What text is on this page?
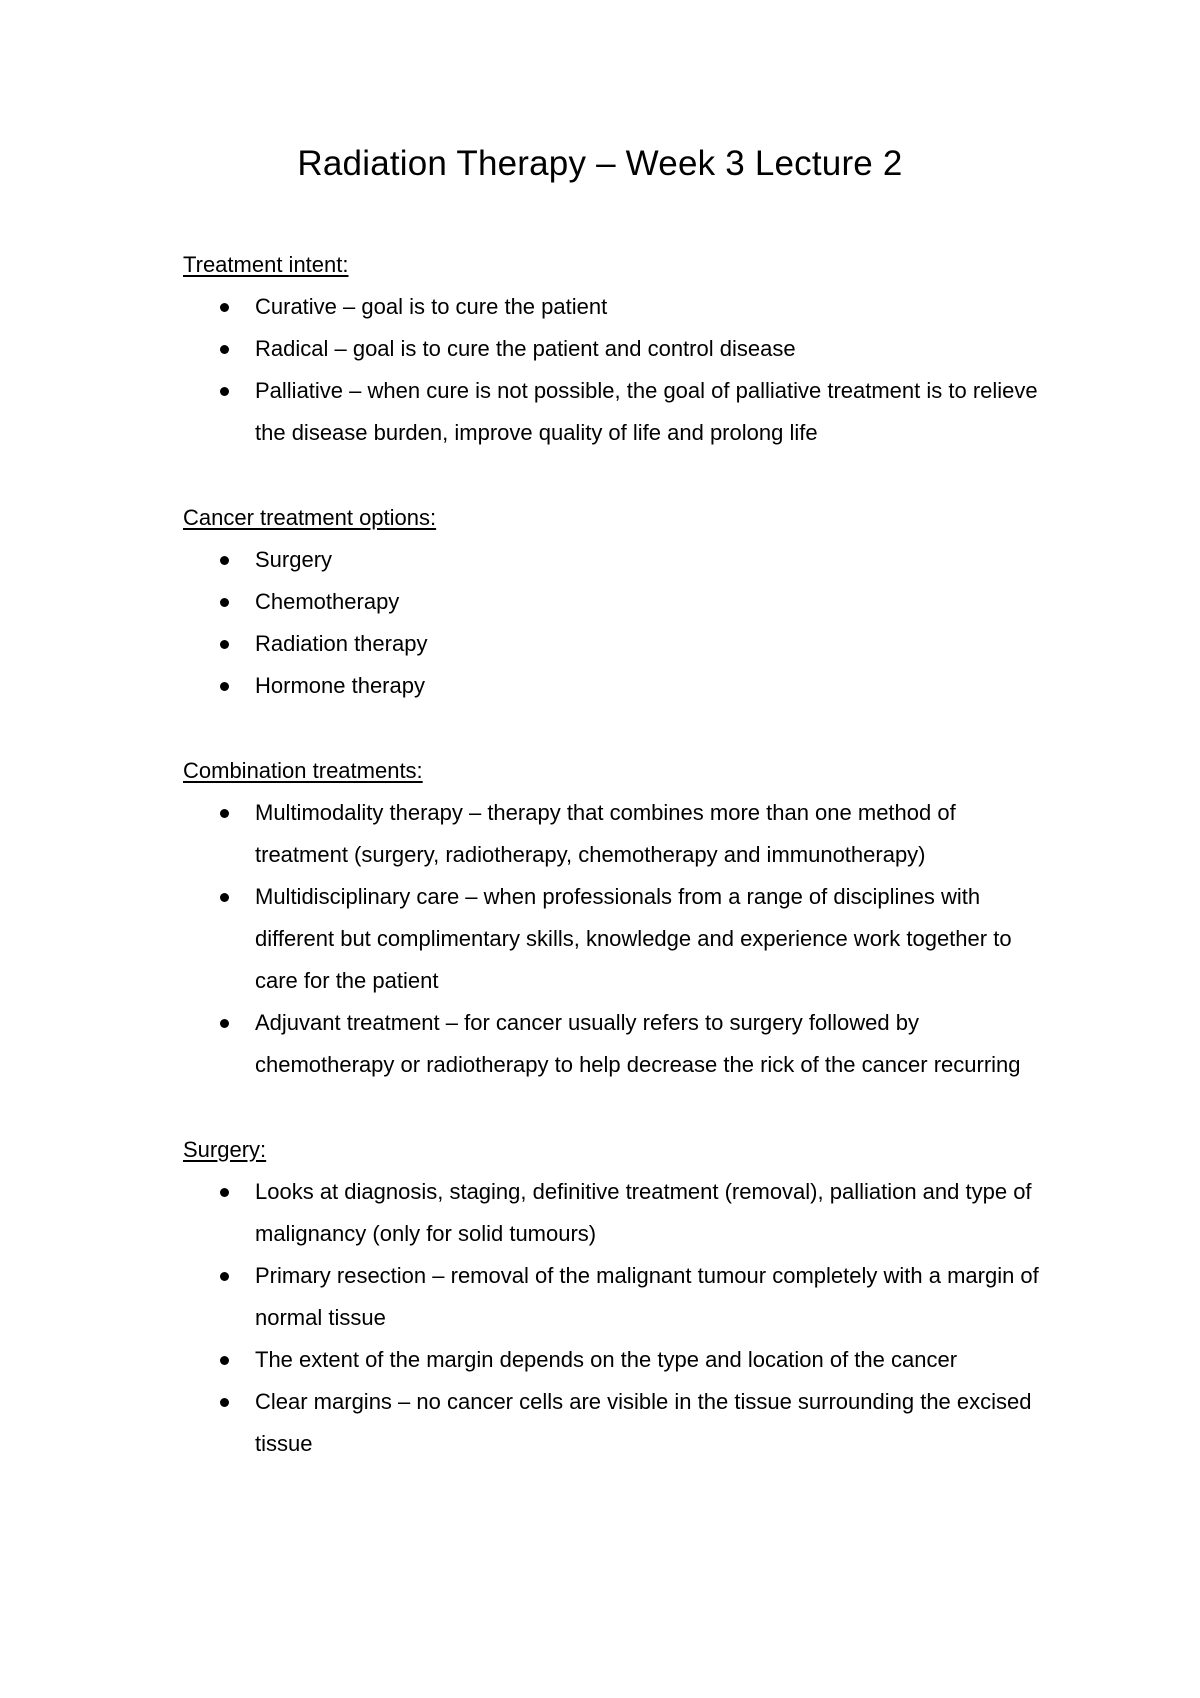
Radiation Therapy – Week 3 Lecture 2

Treatment intent:

Curative – goal is to cure the patient
Radical – goal is to cure the patient and control disease
Palliative – when cure is not possible, the goal of palliative treatment is to relieve the disease burden, improve quality of life and prolong life

Cancer treatment options:

Surgery
Chemotherapy
Radiation therapy
Hormone therapy

Combination treatments:

Multimodality therapy – therapy that combines more than one method of treatment (surgery, radiotherapy, chemotherapy and immunotherapy)
Multidisciplinary care – when professionals from a range of disciplines with different but complimentary skills, knowledge and experience work together to care for the patient
Adjuvant treatment – for cancer usually refers to surgery followed by chemotherapy or radiotherapy to help decrease the rick of the cancer recurring

Surgery:

Looks at diagnosis, staging, definitive treatment (removal), palliation and type of malignancy (only for solid tumours)
Primary resection – removal of the malignant tumour completely with a margin of normal tissue
The extent of the margin depends on the type and location of the cancer
Clear margins – no cancer cells are visible in the tissue surrounding the excised tissue
